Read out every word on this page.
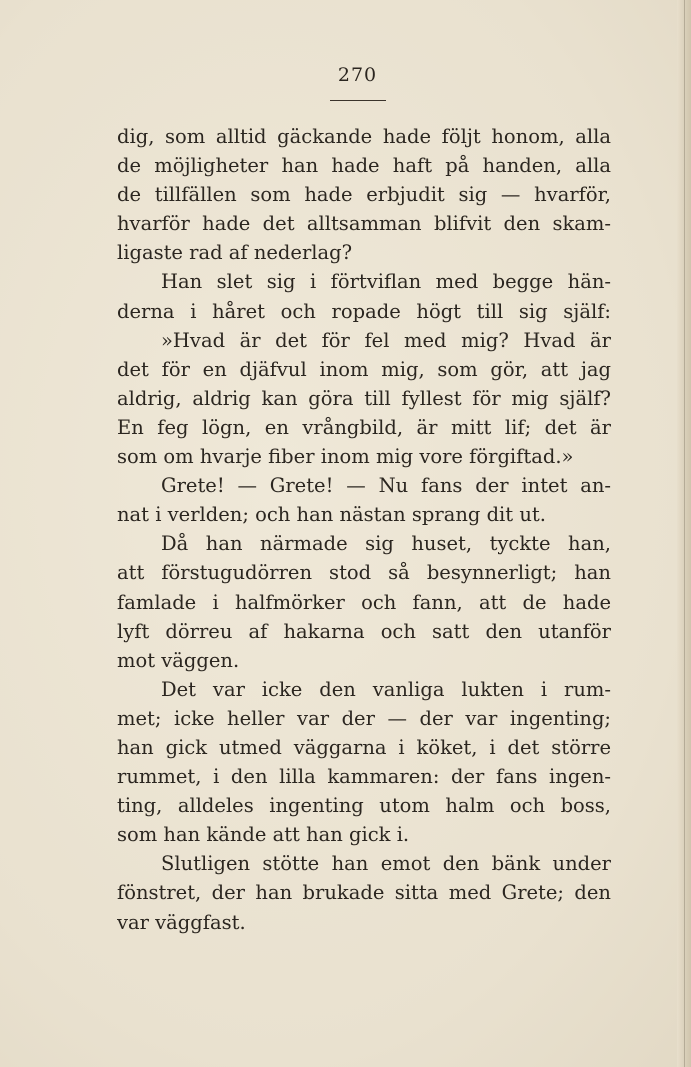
270
dig, som alltid gäckande hade följt honom, alla
de möjligheter han hade haft på handen, alla
de tillfällen som hade erbjudit sig — hvarför,
hvarför hade det alltsamman blifvit den skam-
ligaste rad af nederlag?
Han slet sig i förtviflan med begge hän-
derna i håret och ropade högt till sig själf:
»Hvad är det för fel med mig? Hvad är
det för en djäfvul inom mig, som gör, att jag
aldrig, aldrig kan göra till fyllest för mig själf?
En feg lögn, en vrångbild, är mitt lif; det är
som om hvarje fiber inom mig vore förgiftad.»
Grete! — Grete! — Nu fans der intet an-
nat i verlden; och han nästan sprang dit ut.
Då han närmade sig huset, tyckte han,
att förstugudörren stod så besynnerligt; han
famlade i halfmörker och fann, att de hade
lyft dörreu af hakarna och satt den utanför
mot väggen.
Det var icke den vanliga lukten i rum-
met; icke heller var der — der var ingenting;
han gick utmed väggarna i köket, i det större
rummet, i den lilla kammaren: der fans ingen-
ting, alldeles ingenting utom halm och boss,
som han kände att han gick i.
Slutligen stötte han emot den bänk under
fönstret, der han brukade sitta med Grete; den
var väggfast.
